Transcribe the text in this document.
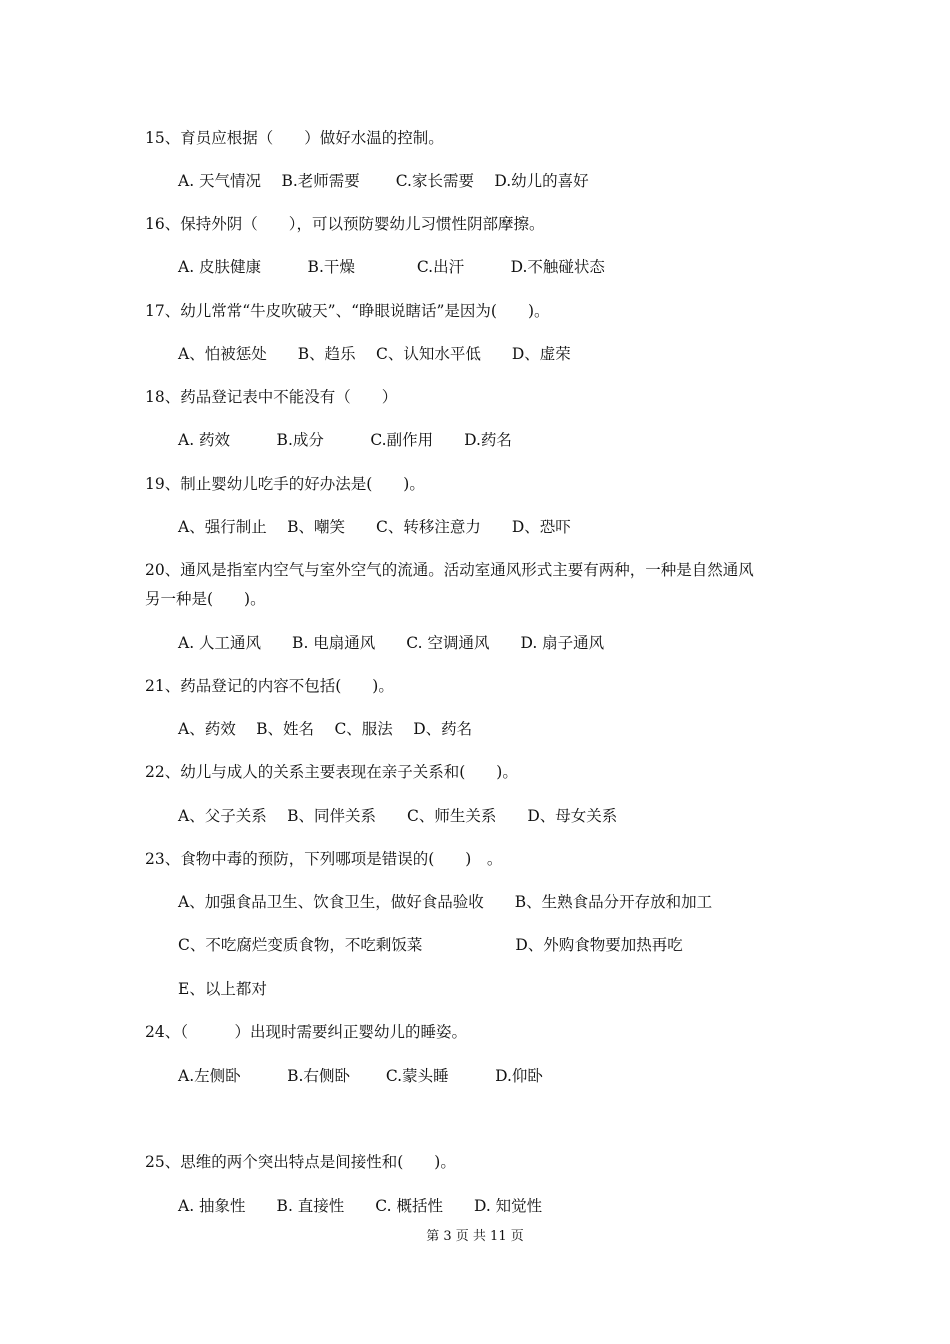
15、育员应根据（　　）做好水温的控制。
A. 天气情况　 B.老师需要　　 C.家长需要　 D.幼儿的喜好
16、保持外阴（　　），可以预防婴幼儿习惯性阴部摩擦。
A. 皮肤健康　　　B.干燥　　　　C.出汗　　　D.不触碰状态
17、幼儿常常“牛皮吹破天”、“睁眼说瞎话”是因为(　　)。
A、怕被惩处　　B、趋乐　 C、认知水平低　　D、虚荣
18、药品登记表中不能没有（　　）
A. 药效　　　B.成分　　　C.副作用　　D.药名
19、制止婴幼儿吃手的好办法是(　　)。
A、强行制止　 B、嘲笑　　C、转移注意力　　D、恐吓
20、通风是指室内空气与室外空气的流通。活动室通风形式主要有两种，一种是自然通风
另一种是(　　)。
A. 人工通风　　B. 电扇通风　　C. 空调通风　　D. 扇子通风
21、药品登记的内容不包括(　　)。
A、药效　 B、姓名　 C、服法　 D、药名
22、幼儿与成人的关系主要表现在亲子关系和(　　)。
A、父子关系　 B、同伴关系　　C、师生关系　　D、母女关系
23、食物中毒的预防，下列哪项是错误的(　　)　。
A、加强食品卫生、饮食卫生，做好食品验收　　B、生熟食品分开存放和加工
C、不吃腐烂变质食物，不吃剩饭菜　　　　　　D、外购食物要加热再吃
E、以上都对
24、（　　　）出现时需要纠正婴幼儿的睡姿。
A.左侧卧　　　B.右侧卧　　 C.蒙头睡　　　D.仰卧
25、思维的两个突出特点是间接性和(　　)。
A. 抽象性　　B. 直接性　　C. 概括性　　D. 知觉性
第 3 页 共 11 页
